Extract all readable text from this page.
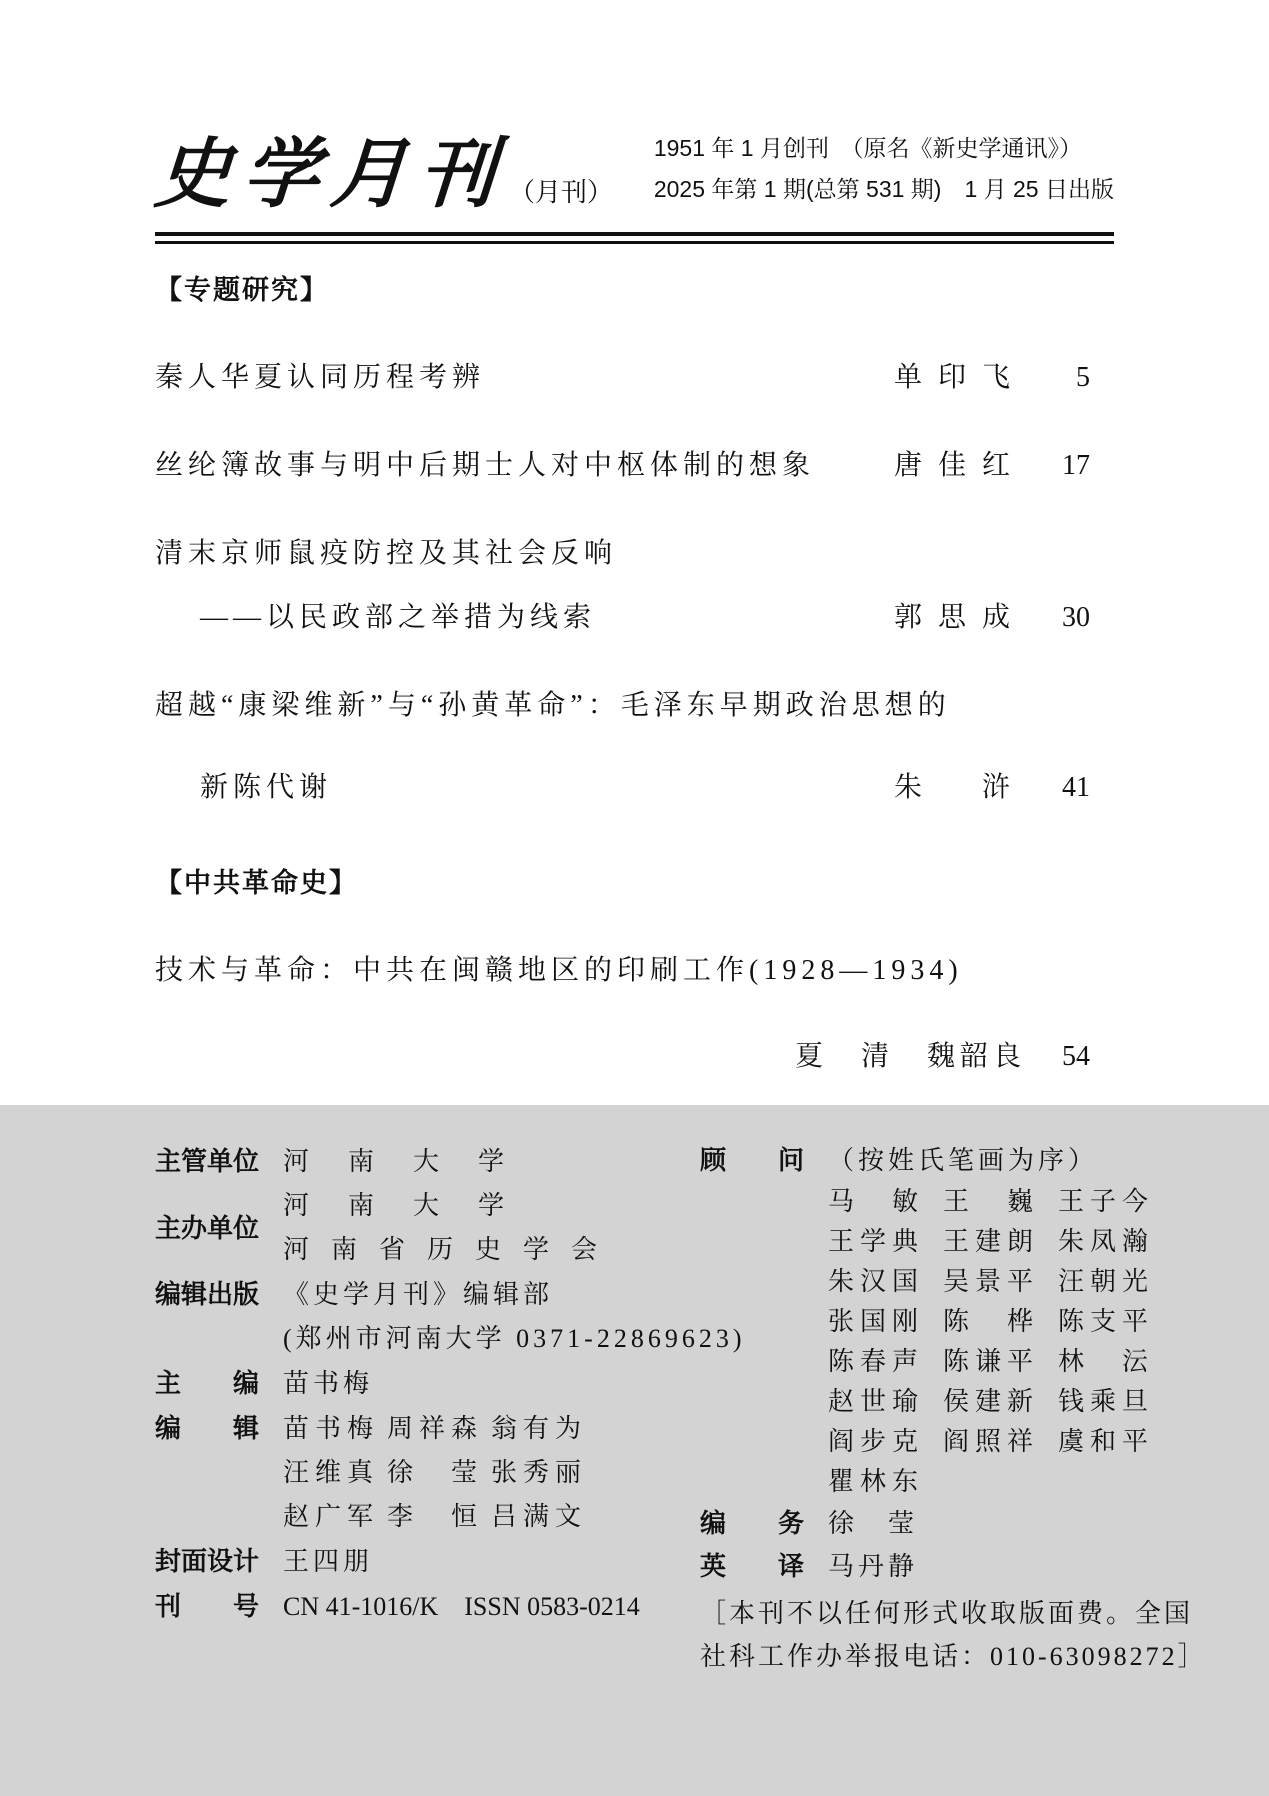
史学月刊
（月刊）
1951 年 1 月创刊　（原名《新史学通讯》）
2025 年第 1 期(总第 531 期)　1 月 25 日出版
【专题研究】
秦人华夏认同历程考辨	单印飞	5
丝纶簿故事与明中后期士人对中枢体制的想象	唐佳红	17
清末京师鼠疫防控及其社会反响
——以民政部之举措为线索	郭思成	30
超越“康梁维新”与“孙黄革命”：毛泽东早期政治思想的
新陈代谢	朱　浒	41
【中共革命史】
技术与革命：中共在闽赣地区的印刷工作(1928—1934)
夏　清　魏韶良	54
主管单位 河南大学
主办单位
河南大学
河南省历史学会
编辑出版 《史学月刊》编辑部
(郑州市河南大学 0371-22869623)
主　　编 苗书梅
编　　辑 苗书梅 周祥森 翁有为
汪维真 徐　莹 张秀丽
赵广军 李　恒 吕满文
封面设计 王四朋
刊　　号 CN 41-1016/K　ISSN 0583-0214
顾　　问 （按姓氏笔画为序）
马　敏 王　巍 王子今
王学典 王建朗 朱凤瀚
朱汉国 吴景平 汪朝光
张国刚 陈　桦 陈支平
陈春声 陈谦平 林　沄
赵世瑜 侯建新 钱乘旦
阎步克 阎照祥 虞和平
瞿林东
编　　务 徐　莹
英　　译 马丹静
［本刊不以任何形式收取版面费。全国
社科工作办举报电话：010-63098272］
